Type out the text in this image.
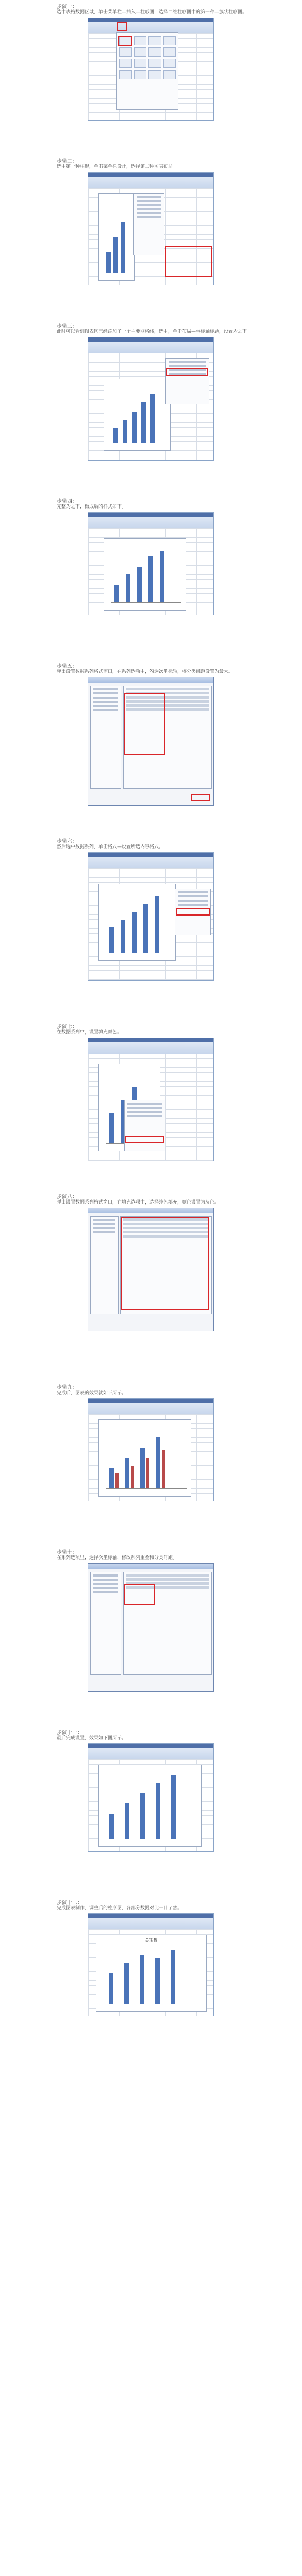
步骤一：
选中表格数据区域，单击菜单栏—插入—柱形图，选择二维柱形图中的第一种—簇状柱形图。
步骤二：
选中第一种柱形，单击菜单栏设计，选择第二种图表布局。
步骤三：
此时可以看到图表区已经添加了一个主要网格线，选中，单击布局—坐标轴标题，设置为之下。
步骤四：
完整为之下，做成后的样式如下。
步骤五：
弹出设置数据系列格式窗口，在系列选项中，勾选次坐标轴，将分类间距设置为最大。
步骤六：
然后选中数据系列，单击格式—设置所选内容格式。
步骤七：
在数据系列中，设置填充颜色。
步骤八：
弹出设置数据系列格式窗口，在填充选项中，选择纯色填充，颜色设置为灰色。
步骤九：
完成后，图表的效果就如下所示。
步骤十：
在系列选项里，选择次坐标轴，修改系列重叠和分类间距。
步骤十一：
最后完成设置，效果如下图所示。
步骤十二：
完成图表制作，调整后的柱形图，各部分数据对比一目了然。
总销售
